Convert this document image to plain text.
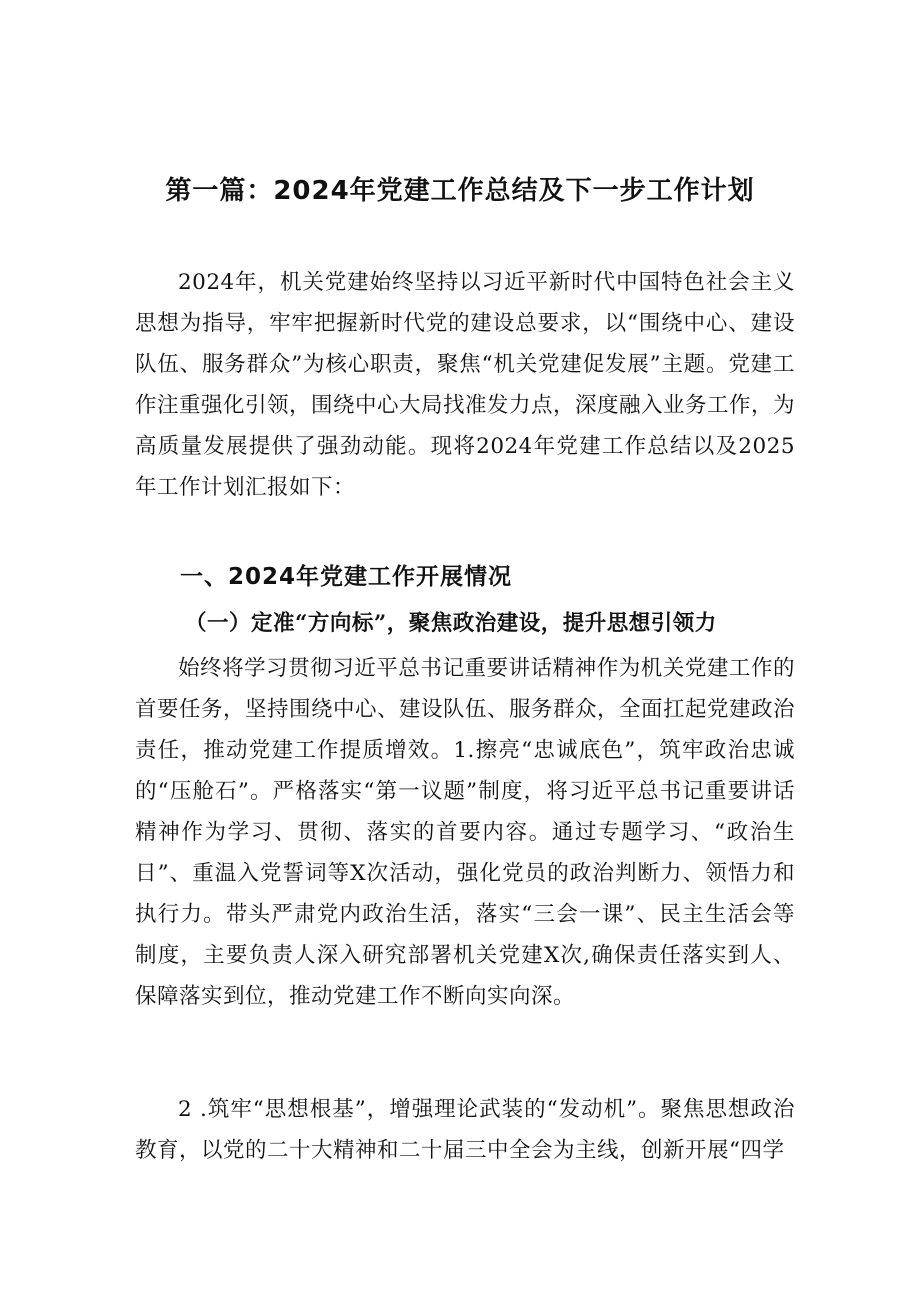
第一篇：2024年党建工作总结及下一步工作计划

2024年，机关党建始终坚持以习近平新时代中国特色社会主义思想为指导，牢牢把握新时代党的建设总要求，以“围绕中心、建设队伍、服务群众”为核心职责，聚焦“机关党建促发展”主题。党建工作注重强化引领，围绕中心大局找准发力点，深度融入业务工作，为高质量发展提供了强劲动能。现将2024年党建工作总结以及2025年工作计划汇报如下：

一、2024年党建工作开展情况
（一）定准“方向标”，聚焦政治建设，提升思想引领力

始终将学习贯彻习近平总书记重要讲话精神作为机关党建工作的首要任务，坚持围绕中心、建设队伍、服务群众，全面扛起党建政治责任，推动党建工作提质增效。1.擦亮“忠诚底色”，筑牢政治忠诚的“压舱石”。严格落实“第一议题”制度，将习近平总书记重要讲话精神作为学习、贯彻、落实的首要内容。通过专题学习、“政治生日”、重温入党誓词等X次活动，强化党员的政治判断力、领悟力和执行力。带头严肃党内政治生活，落实“三会一课”、民主生活会等制度，主要负责人深入研究部署机关党建X次,确保责任落实到人、保障落实到位，推动党建工作不断向实向深。

2 .筑牢“思想根基”，增强理论武装的“发动机”。聚焦思想政治教育，以党的二十大精神和二十届三中全会为主线，创新开展“四学
